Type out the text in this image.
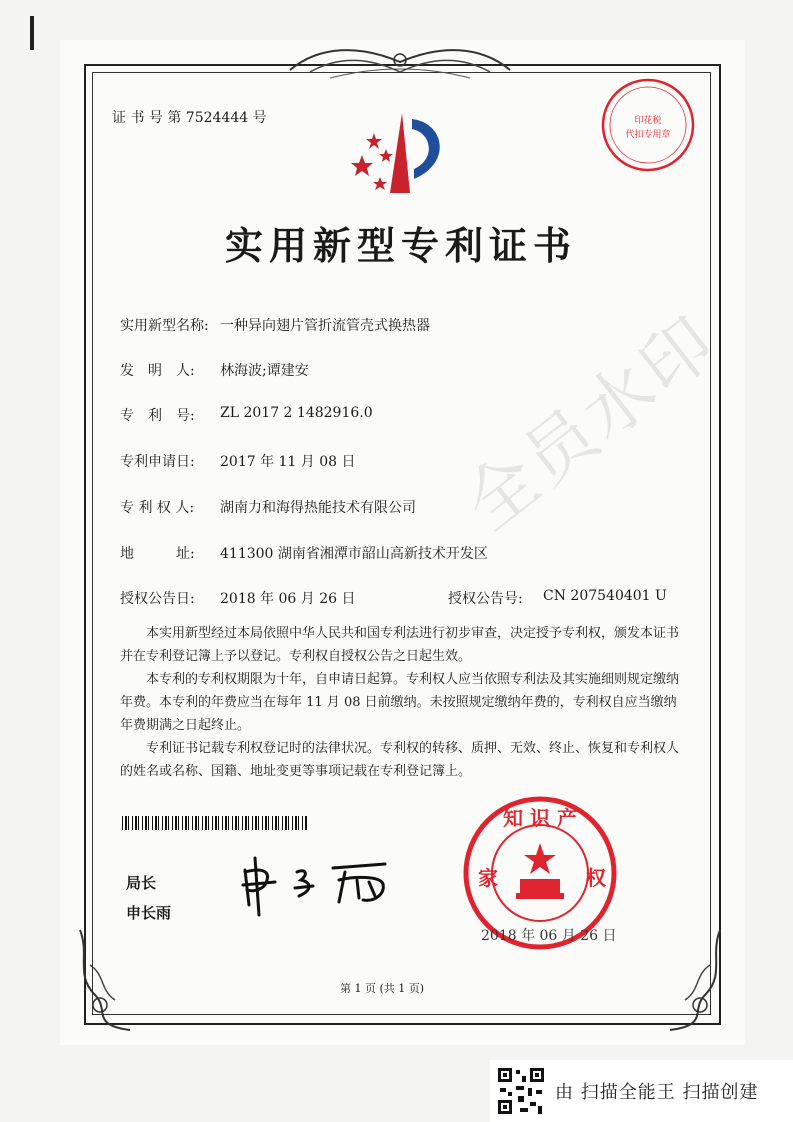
证 书 号 第 7524444 号	印花税
代扣专用章
实用新型专利证书
实用新型名称: 一种异向翅片管折流管壳式换热器
发　明　人: 林海波;谭建安
专　利　号: ZL 2017 2 1482916.0
专利申请日: 2017 年 11 月 08 日
专 利 权 人: 湖南力和海得热能技术有限公司
地　　　址: 411300 湖南省湘潭市韶山高新技术开发区
授权公告日: 2018 年 06 月 26 日	授权公告号: CN 207540401 U
本实用新型经过本局依照中华人民共和国专利法进行初步审查，决定授予专利权，颁发本证书并在专利登记簿上予以登记。专利权自授权公告之日起生效。
本专利的专利权期限为十年，自申请日起算。专利权人应当依照专利法及其实施细则规定缴纳年费。本专利的年费应当在每年 11 月 08 日前缴纳。未按照规定缴纳年费的，专利权自应当缴纳年费期满之日起终止。
专利证书记载专利权登记时的法律状况。专利权的转移、质押、无效、终止、恢复和专利权人的姓名或名称、国籍、地址变更等事项记载在专利登记簿上。
局长
申长雨
知 识 产
家	权
2018 年 06 月 26 日
第 1 页 (共 1 页)
全员水印
由 扫描全能王 扫描创建
